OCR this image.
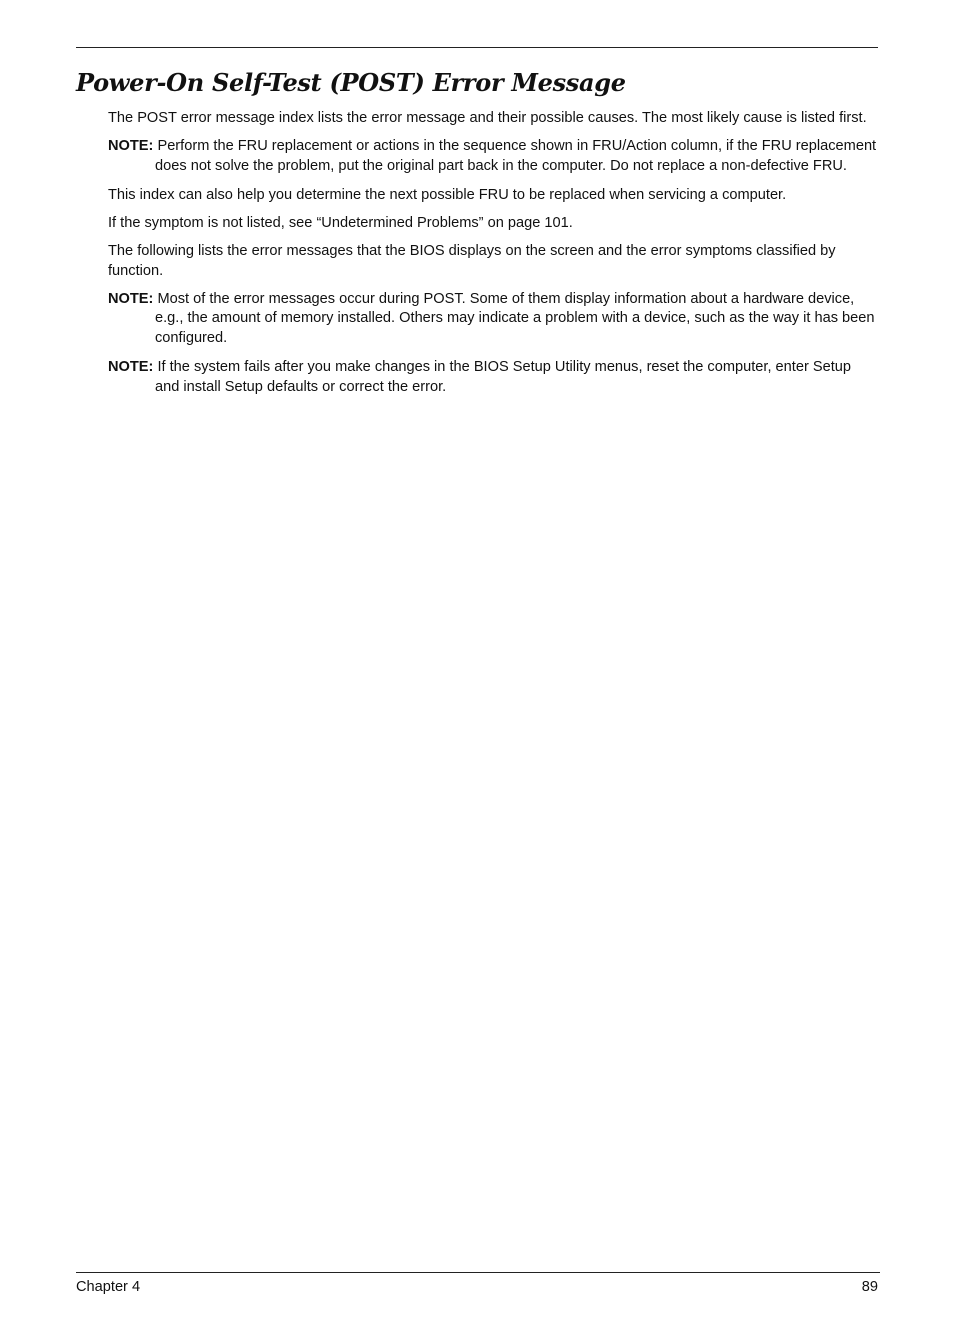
Power-On Self-Test (POST) Error Message

The POST error message index lists the error message and their possible causes. The most likely cause is listed first.

NOTE: Perform the FRU replacement or actions in the sequence shown in FRU/Action column, if the FRU replacement does not solve the problem, put the original part back in the computer. Do not replace a non-defective FRU.

This index can also help you determine the next possible FRU to be replaced when servicing a computer.

If the symptom is not listed, see “Undetermined Problems” on page 101.

The following lists the error messages that the BIOS displays on the screen and the error symptoms classified by function.

NOTE: Most of the error messages occur during POST. Some of them display information about a hardware device, e.g., the amount of memory installed. Others may indicate a problem with a device, such as the way it has been configured.

NOTE: If the system fails after you make changes in the BIOS Setup Utility menus, reset the computer, enter Setup and install Setup defaults or correct the error.

Chapter 4	89
